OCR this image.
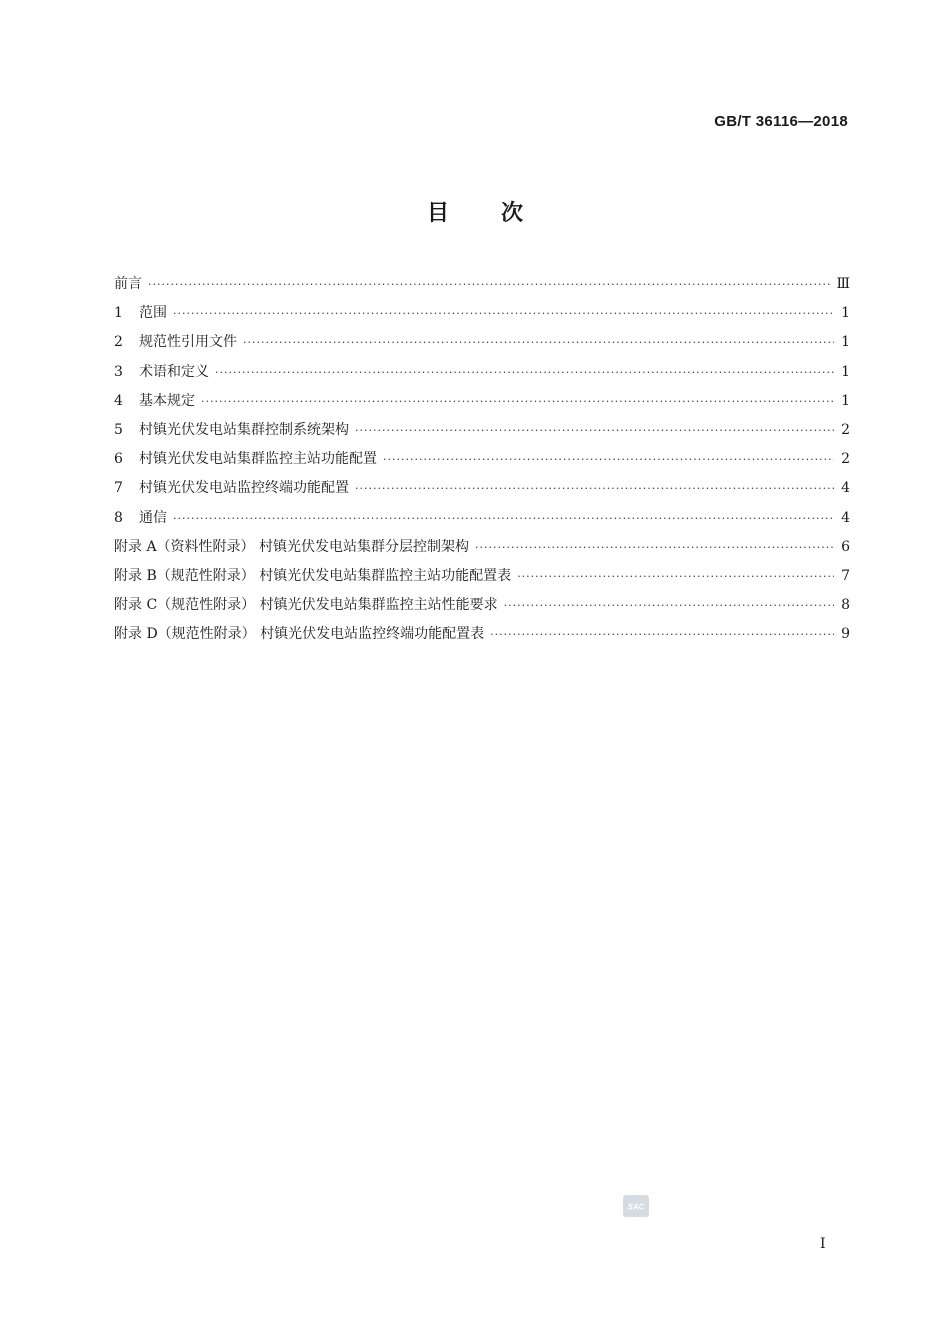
GB/T 36116—2018
目 次
前言 ·····	Ⅲ
1	范围 ·····	1
2	规范性引用文件 ·····	1
3	术语和定义 ·····	1
4	基本规定 ·····	1
5	村镇光伏发电站集群控制系统架构 ·····	2
6	村镇光伏发电站集群监控主站功能配置 ·····	2
7	村镇光伏发电站监控终端功能配置 ·····	4
8	通信 ·····	4
附录 A（资料性附录） 村镇光伏发电站集群分层控制架构 ·····	6
附录 B（规范性附录） 村镇光伏发电站集群监控主站功能配置表 ·····	7
附录 C（规范性附录） 村镇光伏发电站集群监控主站性能要求 ·····	8
附录 D（规范性附录） 村镇光伏发电站监控终端功能配置表 ·····	9
SAC
Ⅰ
